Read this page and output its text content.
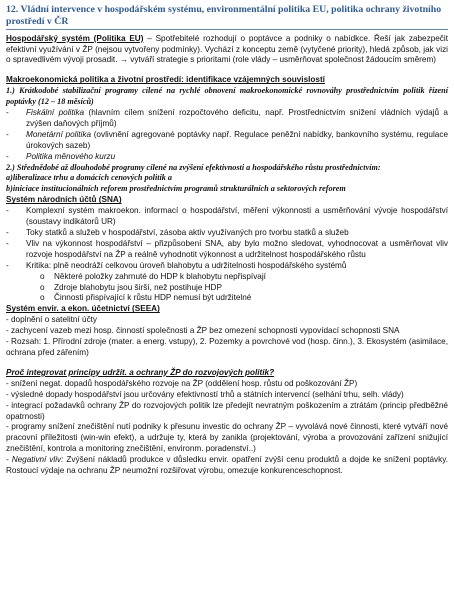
12. Vládní intervence v hospodářském systému, environmentální politika EU, politika ochrany životního prostředí v ČR

Hospodářský systém (Politika EU) – Spotřebitelé rozhodují o poptávce a podniky o nabídkce. Řeší jak zabezpečit efektivní využívání v ŽP (nejsou vytvořeny podmínky). Vychází z konceptu země (vytyčené priority), hledá způsob, jak vizi o spravedlivém vývoji prosadit. → vytváří strategie s prioritami (role vlády – usměrňovat společnost žádoucím směrem)

Makroekonomická politika a životní prostředí: identifikace vzájemných souvislostí

1.) Krátkodobé stabilizační programy cílené na rychlé obnovení makroekonomické rovnováhy prostřednictvím politik řízení poptávky (12 – 18 měsíců)

-	Fiskální politika (hlavním cílem snížení rozpočtového deficitu, např. Prostřednictvím snížení vládních výdajů a zvýšen daňových příjmů)
-	Monetární politika (ovlivnění agregované poptávky např. Regulace peněžní nabídky, bankovního systému, regulace úrokových sazeb)
-	Politika měnového kurzu

2.) Střednědobé až dlouhodobé programy cílené na zvýšení efektivnosti a hospodářského růstu prostřednictvím:

a)liberalizace trhu a domácích cenových politik a

b)iniciace institucionálních reforem prostřednictvím programů strukturálních a sektorových reforem

Systém národních účtů (SNA)

-	Komplexní systém makroekon. informací o hospodářství, měření výkonnosti a usměrňování vývoje hospodářství (soustavy indikátorů UR)
-	Toky statků a služeb v hospodářství, zásoba aktiv využívaných pro tvorbu statků a služeb
-	Vliv na výkonnost hospodářství – přizpůsobení SNA, aby bylo možno sledovat, vyhodnocovat a usměrňovat vliv rozvoje hospodářství na ŽP a reálně vyhodnotit výkonnost a udržitelnost hospodářského růstu
-	Kritika: plně neodráží celkovou úroveň blahobytu a udržitelnosti hospodářského systémů
o	Některé položky zahrnuté do HDP k blahobytu nepřispívají
o	Zdroje blahobytu jsou širší, než postihuje HDP
o	Činnosti přispívající k růstu HDP nemusí být udržitelné

Systém envir. a ekon. účetnictví (SEEA)

- doplnění o satelitní účty

- zachycení vazeb mezi hosp. činností společnosti a ŽP bez omezení schopnosti vypovídací schopnosti SNA

- Rozsah: 1. Přírodní zdroje (mater. a energ. vstupy), 2. Pozemky a povrchové vod (hosp. činn.), 3. Ekosystém (asimilace, ochrana před zářením)

Proč integrovat principy udržit. a ochrany ŽP do rozvojových politik?

- snížení negat. dopadů hospodářského rozvoje na ŽP (oddělení hosp. růstu od poškozování ŽP)

- výsledné dopady hospodářství jsou určovány efektivností trhů a státních intervencí (selhání trhu, selh. vlády)

- integrací požadavků ochrany ŽP do rozvojových politik lze předejít nevratným poškozením a ztrátám (princip předběžné opatrnosti)

- programy snížení znečištění nutí podniky k přesunu investic do ochrany ŽP – vyvolává nové činnosti, které vytváří nové pracovní příležitosti (win-win efekt), a udržuje ty, která by zanikla (projektování, výroba a provozování zařízení snižující znečištění, kontrola a monitoring znečištění, environm. poradenství..)

- Negativní vliv: Zvýšení nákladů produkce v důsledku envir. opatření zvýší cenu produktů a dojde ke snížení poptávky. Rostoucí výdaje na ochranu ŽP neumožní rozšiřovat výrobu, omezuje konkurenceschopnost.
